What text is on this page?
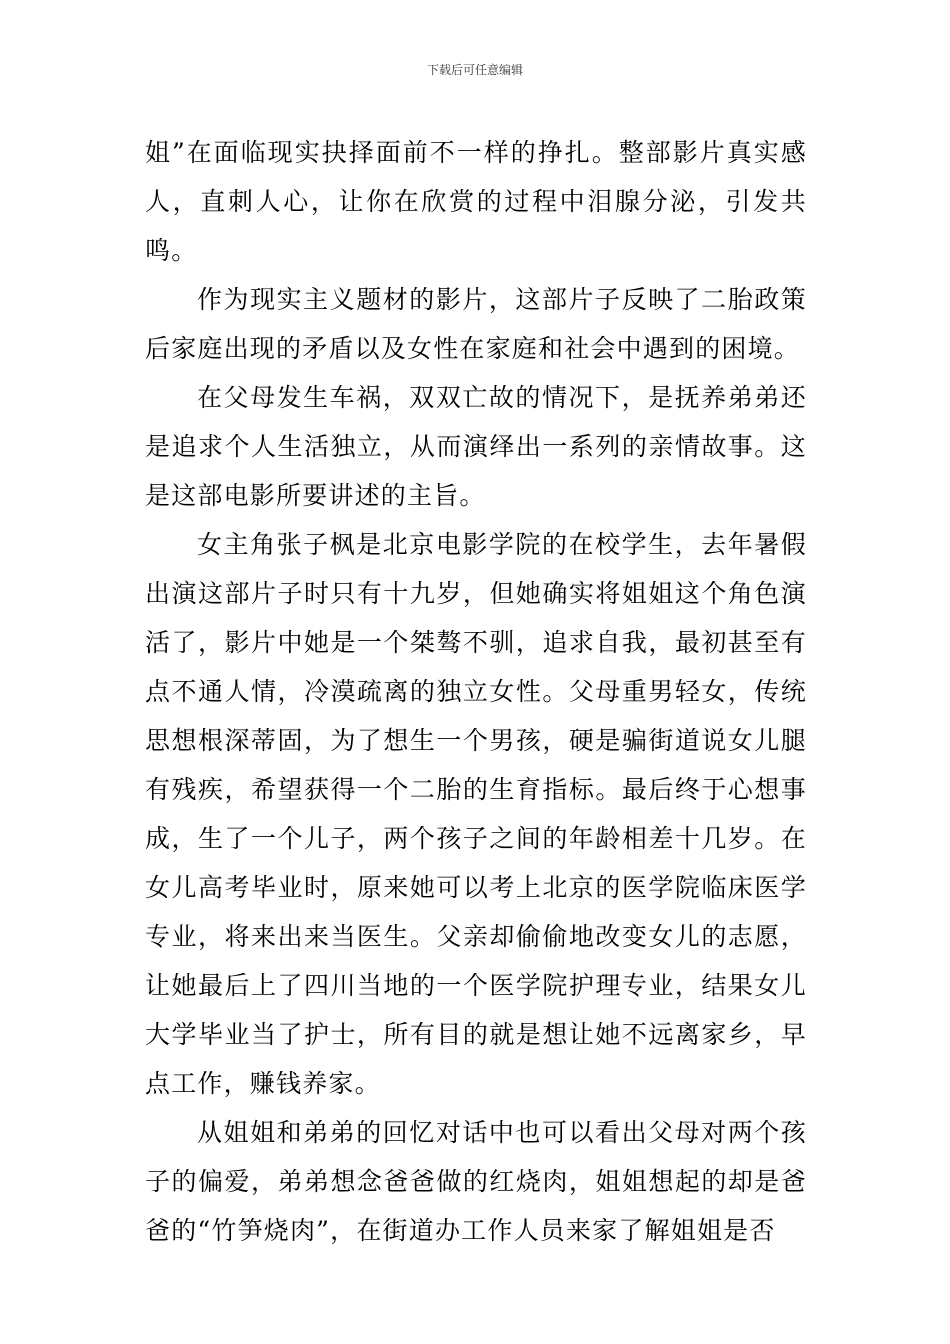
下载后可任意编辑

姐”在面临现实抉择面前不一样的挣扎。整部影片真实感人，直刺人心，让你在欣赏的过程中泪腺分泌，引发共鸣。

作为现实主义题材的影片，这部片子反映了二胎政策后家庭出现的矛盾以及女性在家庭和社会中遇到的困境。

在父母发生车祸，双双亡故的情况下，是抚养弟弟还是追求个人生活独立，从而演绎出一系列的亲情故事。这是这部电影所要讲述的主旨。

女主角张子枫是北京电影学院的在校学生，去年暑假出演这部片子时只有十九岁，但她确实将姐姐这个角色演活了，影片中她是一个桀骜不驯，追求自我，最初甚至有点不通人情，冷漠疏离的独立女性。父母重男轻女，传统思想根深蒂固，为了想生一个男孩，硬是骗街道说女儿腿有残疾，希望获得一个二胎的生育指标。最后终于心想事成，生了一个儿子，两个孩子之间的年龄相差十几岁。在女儿高考毕业时，原来她可以考上北京的医学院临床医学专业，将来出来当医生。父亲却偷偷地改变女儿的志愿，让她最后上了四川当地的一个医学院护理专业，结果女儿大学毕业当了护士，所有目的就是想让她不远离家乡，早点工作，赚钱养家。

从姐姐和弟弟的回忆对话中也可以看出父母对两个孩子的偏爱，弟弟想念爸爸做的红烧肉，姐姐想起的却是爸爸的“竹笋烧肉”，在街道办工作人员来家了解姐姐是否
